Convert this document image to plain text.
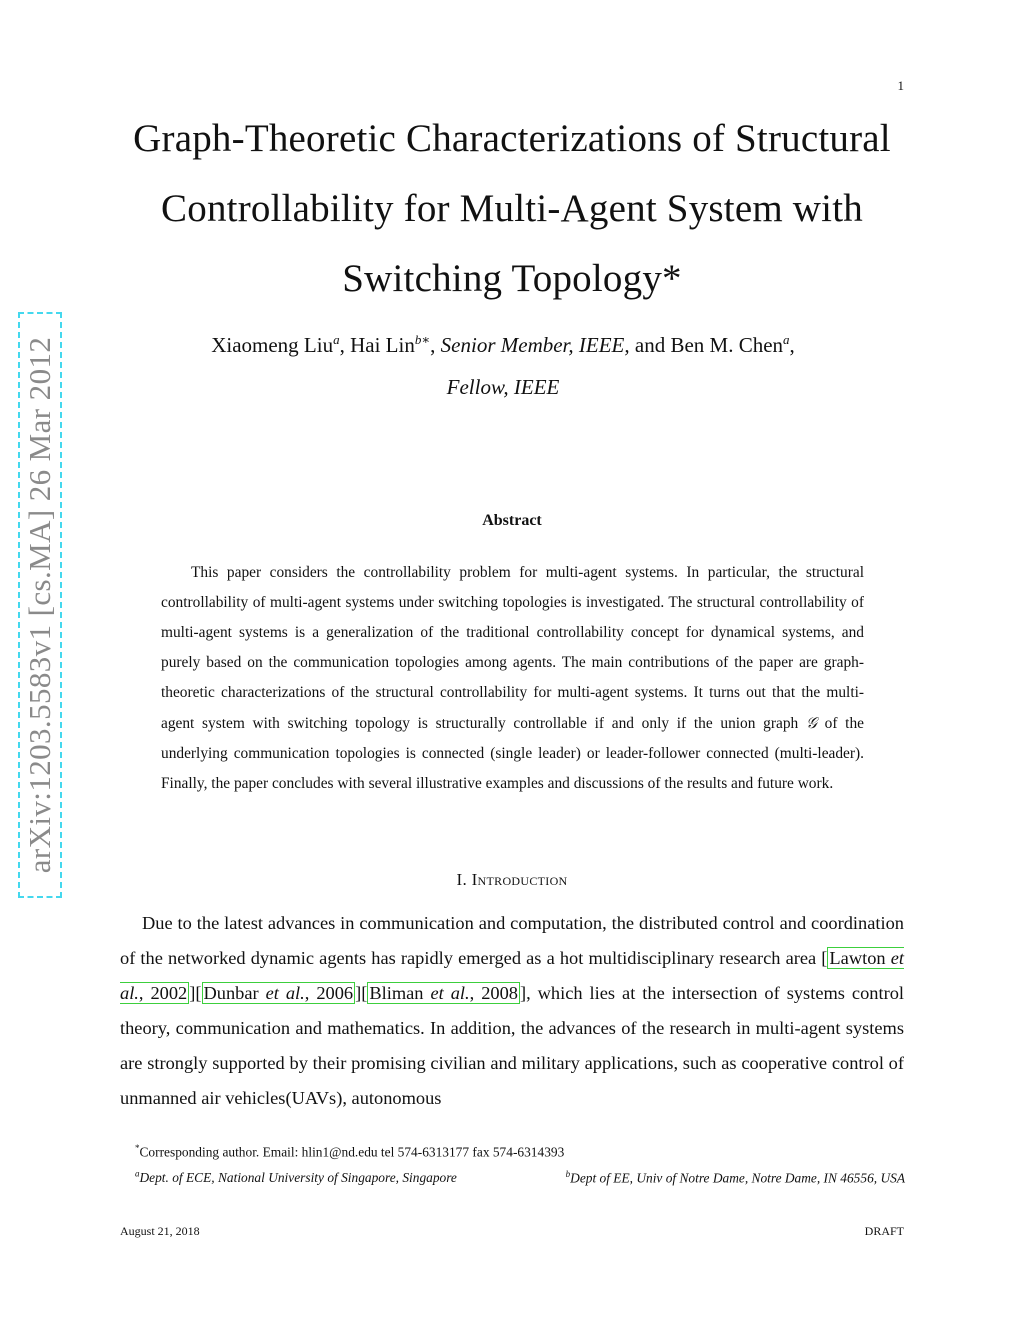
1
Graph-Theoretic Characterizations of Structural
Controllability for Multi-Agent System with
Switching Topology*
Xiaomeng Liu$^a$, Hai Lin$^{b∗}$, Senior Member, IEEE, and Ben M. Chen$^a$,
Fellow, IEEE
arXiv:1203.5583v1 [cs.MA] 26 Mar 2012	Abstract
This paper considers the controllability problem for multi-agent systems. In particular, the structural controllability of multi-agent systems under switching topologies is investigated. The structural controllability of multi-agent systems is a generalization of the traditional controllability concept for dynamical systems, and purely based on the communication topologies among agents. The main contributions of the paper are graph-theoretic characterizations of the structural controllability for multi-agent systems. It turns out that the multi-agent system with switching topology is structurally controllable if and only if the union graph 𝒢 of the underlying communication topologies is connected (single leader) or leader-follower connected (multi-leader). Finally, the paper concludes with several illustrative examples and discussions of the results and future work.
I. Introduction
Due to the latest advances in communication and computation, the distributed control and coordination of the networked dynamic agents has rapidly emerged as a hot multidisciplinary research area [ Lawton et al., 2002 ][ Dunbar et al., 2006 ][ Bliman et al., 2008 ], which lies at the intersection of systems control theory, communication and mathematics. In addition, the advances of the research in multi-agent systems are strongly supported by their promising civilian and military applications, such as cooperative control of unmanned air vehicles(UAVs), autonomous
*Corresponding author. Email: hlin1@nd.edu tel 574-6313177 fax 574-6314393
$^a$Dept. of ECE, National University of Singapore, Singapore	$^b$Dept of EE, Univ of Notre Dame, Notre Dame, IN 46556, USA
August 21, 2018	DRAFT
